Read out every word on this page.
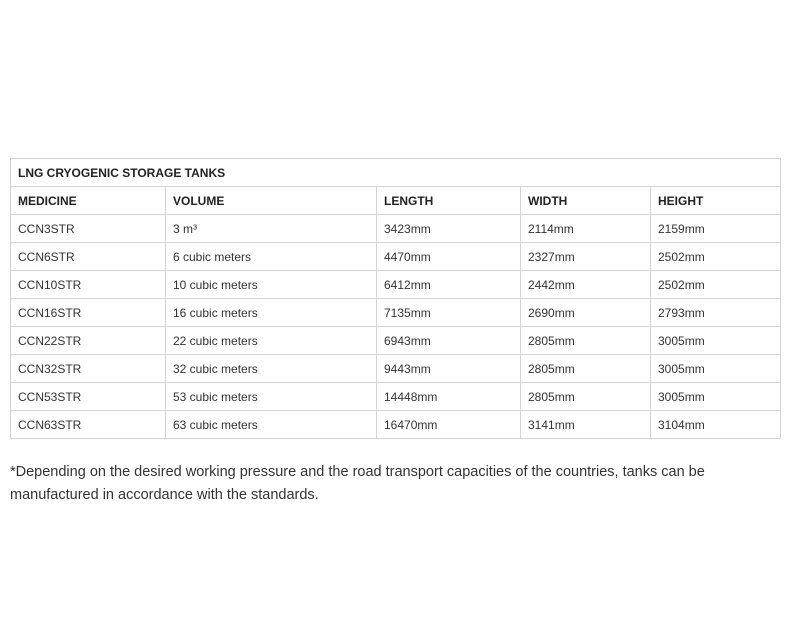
LNG CRYOGENIC STORAGE TANKS				
MEDICINE	VOLUME	LENGTH	WIDTH	HEIGHT
CCN3STR	3 m³	3423mm	2114mm	2159mm
CCN6STR	6 cubic meters	4470mm	2327mm	2502mm
CCN10STR	10 cubic meters	6412mm	2442mm	2502mm
CCN16STR	16 cubic meters	7135mm	2690mm	2793mm
CCN22STR	22 cubic meters	6943mm	2805mm	3005mm
CCN32STR	32 cubic meters	9443mm	2805mm	3005mm
CCN53STR	53 cubic meters	14448mm	2805mm	3005mm
CCN63STR	63 cubic meters	16470mm	3141mm	3104mm

*Depending on the desired working pressure and the road transport capacities of the countries, tanks can be manufactured in accordance with the standards.
